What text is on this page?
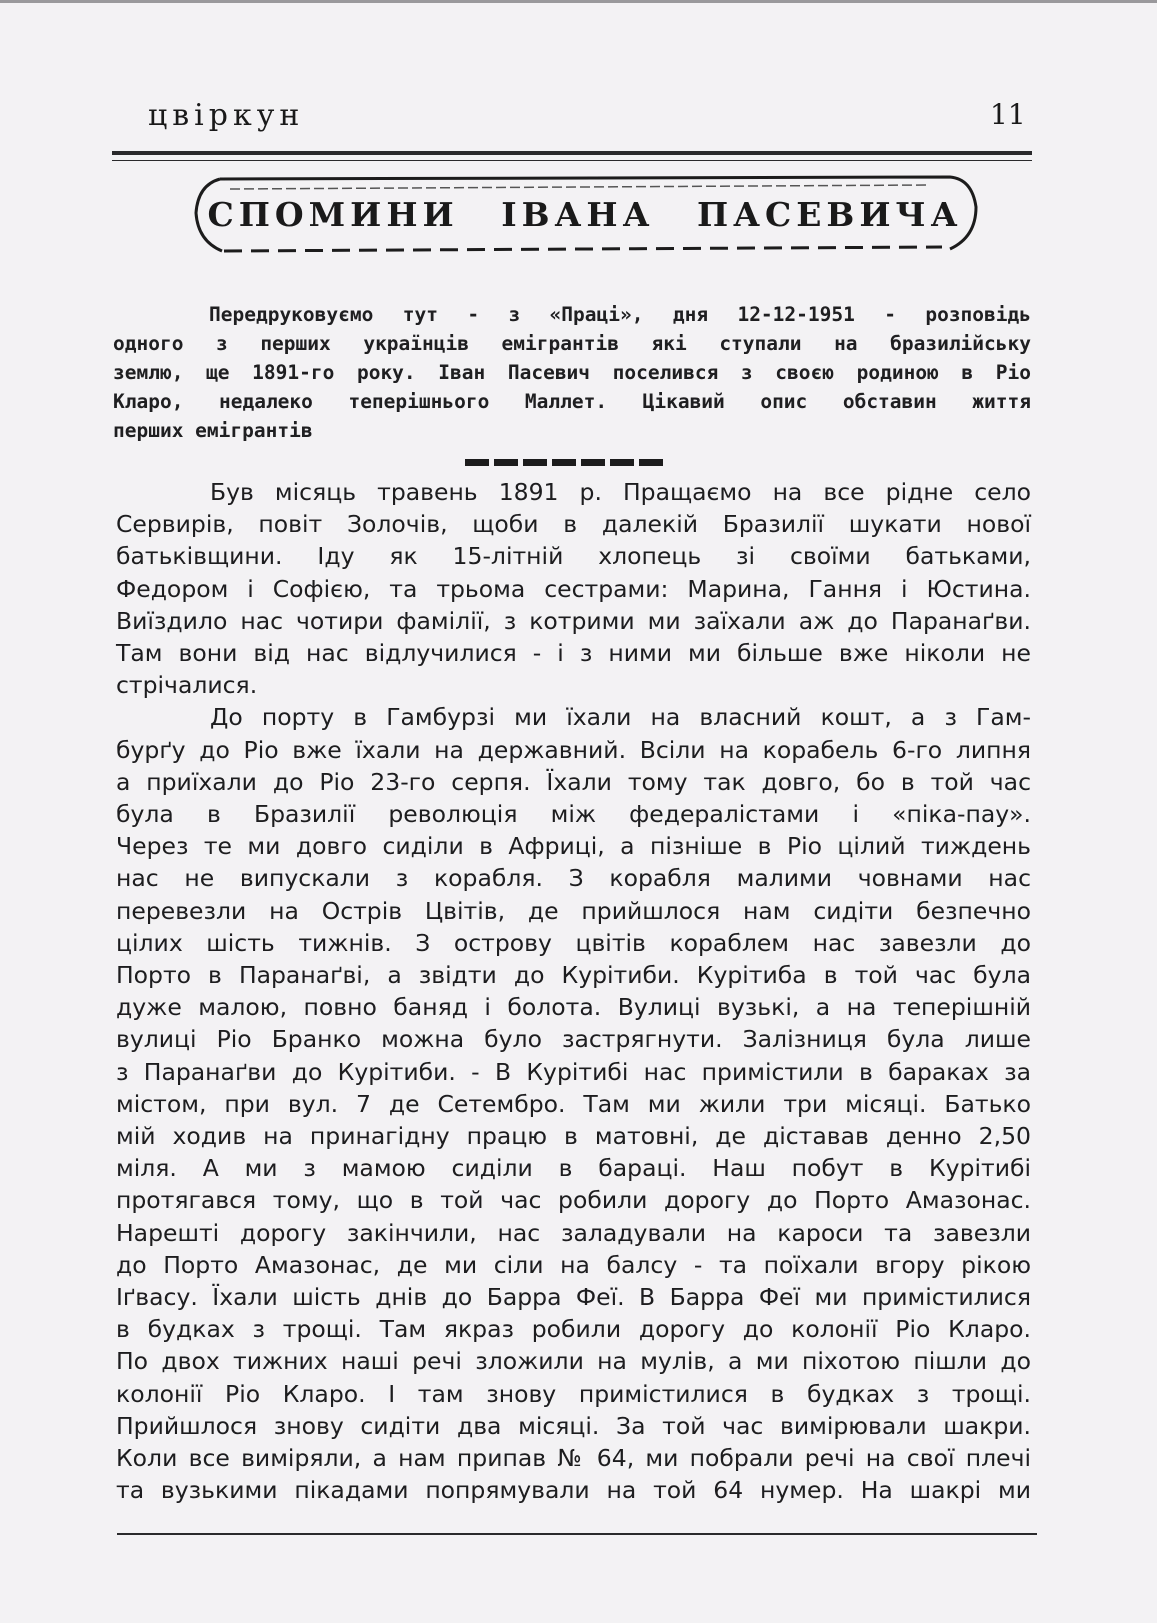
цвіркун	11
СПОМИНИ ІВАНА ПАСЕВИЧА
Передруковуємо тут - з «Праці», дня 12-12-1951 - розповідь
одного з перших українців емігрантів які ступали на бразилійську
землю, ще 1891-го року. Іван Пасевич поселився з своєю родиною в Ріо
Кларо, недалеко теперішнього Маллет. Цікавий опис обставин життя
перших емігрантів
Був місяць травень 1891 р. Пращаємо на все рідне село
Сервирів, повіт Золочів, щоби в далекій Бразилії шукати нової
батьківщини. Іду як 15-літній хлопець зі своїми батьками,
Федором і Софією, та трьома сестрами: Марина, Гання і Юстина.
Виїздило нас чотири фамілії, з котрими ми заїхали аж до Паранаґви.
Там вони від нас відлучилися - і з ними ми більше вже ніколи не
стрічалися.
До порту в Гамбурзі ми їхали на власний кошт, а з Гам-
бурґу до Ріо вже їхали на державний. Всіли на корабель 6-го липня
а приїхали до Ріо 23-го серпя. Їхали тому так довго, бо в той час
була в Бразилії революція між федералістами і «піка-пау».
Через те ми довго сиділи в Африці, а пізніше в Ріо цілий тиждень
нас не випускали з корабля. З корабля малими човнами нас
перевезли на Острів Цвітів, де прийшлося нам сидіти безпечно
цілих шість тижнів. З острову цвітів кораблем нас завезли до
Порто в Паранаґві, а звідти до Курітиби. Курітиба в той час була
дуже малою, повно баняд і болота. Вулиці вузькі, а на теперішній
вулиці Ріо Бранко можна було застрягнути. Залізниця була лише
з Паранаґви до Курітиби. - В Курітибі нас примістили в бараках за
містом, при вул. 7 де Сетембро. Там ми жили три місяці. Батько
мій ходив на принагідну працю в матовні, де діставав денно 2,50
міля. А ми з мамою сиділи в бараці. Наш побут в Курітибі
протягався тому, що в той час робили дорогу до Порто Амазонас.
Нарешті дорогу закінчили, нас заладували на кароси та завезли
до Порто Амазонас, де ми сіли на балсу - та поїхали вгору рікою
Іґвасу. Їхали шість днів до Барра Феї. В Барра Феї ми примістилися
в будках з трощі. Там якраз робили дорогу до колонії Ріо Кларо.
По двох тижних наші речі зложили на мулів, а ми піхотою пішли до
колонії Ріо Кларо. І там знову примістилися в будках з трощі.
Прийшлося знову сидіти два місяці. За той час вимірювали шакри.
Коли все виміряли, а нам припав № 64, ми побрали речі на свої плечі
та вузькими пікадами попрямували на той 64 нумер. На шакрі ми
